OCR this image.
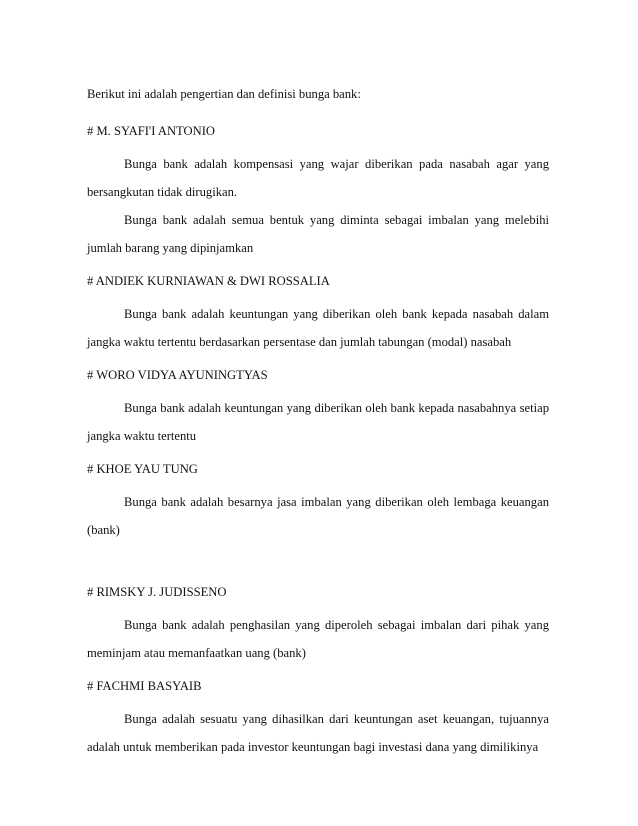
Berikut ini adalah pengertian dan definisi bunga bank:

# M. SYAFI'I ANTONIO

Bunga bank adalah kompensasi yang wajar diberikan pada nasabah agar yang bersangkutan tidak dirugikan.

Bunga bank adalah semua bentuk yang diminta sebagai imbalan yang melebihi jumlah barang yang dipinjamkan

# ANDIEK KURNIAWAN & DWI ROSSALIA

Bunga bank adalah keuntungan yang diberikan oleh bank kepada nasabah dalam jangka waktu tertentu berdasarkan persentase dan jumlah tabungan (modal) nasabah

# WORO VIDYA AYUNINGTYAS

Bunga bank adalah keuntungan yang diberikan oleh bank kepada nasabahnya setiap jangka waktu tertentu

# KHOE YAU TUNG

Bunga bank adalah besarnya jasa imbalan yang diberikan oleh lembaga keuangan (bank)

# RIMSKY J. JUDISSENO

Bunga bank adalah penghasilan yang diperoleh sebagai imbalan dari pihak yang meminjam atau memanfaatkan uang (bank)

# FACHMI BASYAIB

Bunga adalah sesuatu yang dihasilkan dari keuntungan aset keuangan, tujuannya adalah untuk memberikan pada investor keuntungan bagi investasi dana yang dimilikinya
